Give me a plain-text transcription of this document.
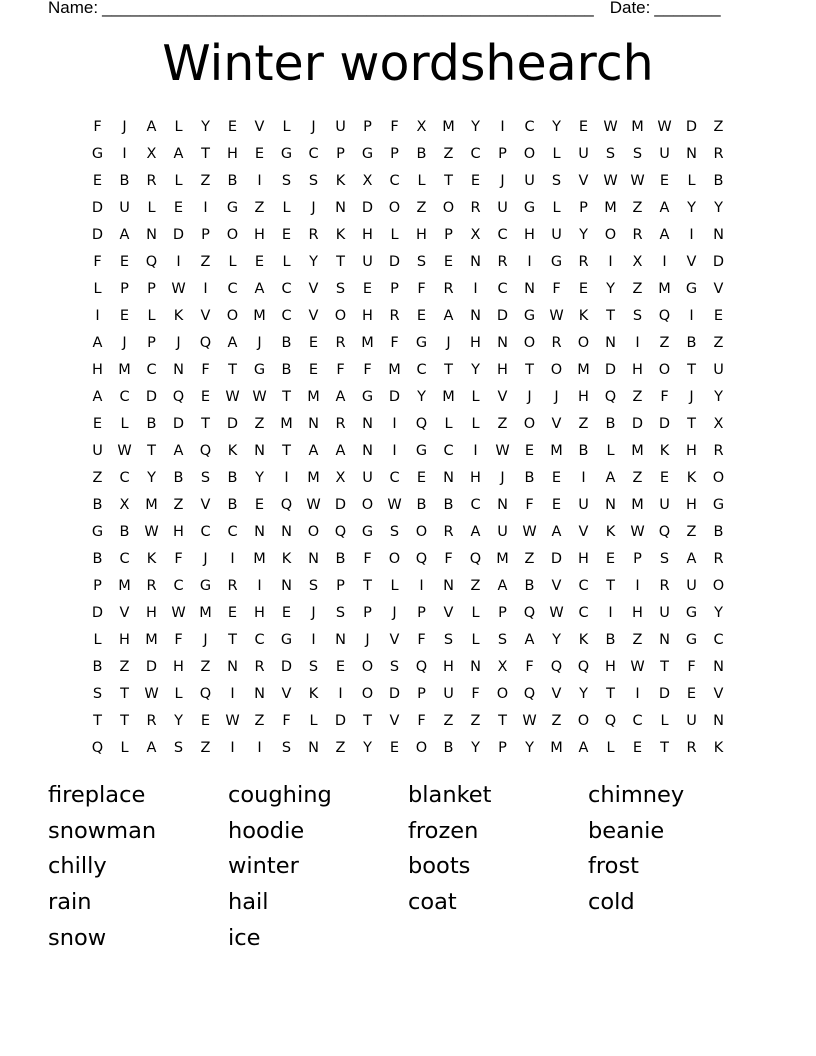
Name: ____________________________________________________ Date: _______
Winter wordshearch
F	J	A	L	Y	E	V	L	J	U	P	F	X	M	Y	I	C	Y	E	W M W D	Z
G	I	X	A	T	H	E	G	C	P	G	P	B	Z	C	P	O	L	U	S	S	U	N	R
E	B	R	L	Z	B	I	S	S	K	X	C	L	T	E	J	U	S	V	W W	E	L	B
D	U	L	E	I	G	Z	L	J	N	D	O	Z	O	R	U	G	L	P	M	Z	A	Y	Y
D	A	N	D	P	O	H	E	R	K	H	L	H	P	X	C	H	U	Y	O	R	A	I	N
F	E	Q	I	Z	L	E	L	Y	T	U	D	S	E	N	R	I	G	R	I	X	I	V	D
L	P	P	W	I	C	A	C	V	S	E	P	F	R	I	C	N	F	E	Y	Z	M	G	V
I	E	L	K	V	O	M	C	V	O	H	R	E	A	N	D	G W	K	T	S	Q	I	E
A	J	P	J	Q	A	J	B	E	R	M	F	G	J	H	N	O	R	O	N	I	Z	B	Z
H	M	C	N	F	T	G	B	E	F	F	M	C	T	Y	H	T	O	M	D	H	O	T	U
A	C	D	Q	E	W W	T	M	A	G	D	Y	M	L	V	J	J	H	Q	Z	F	J	Y
E	L	B	D	T	D	Z	M	N	R	N	I	Q	L	L	Z	O	V	Z	B	D	D	T	X
U	W	T	A	Q	K	N	T	A	A	N	I	G	C	I	W	E	M	B	L	M	K	H	R
Z	C	Y	B	S	B	Y	I	M	X	U	C	E	N	H	J	B	E	I	A	Z	E	K	O
B	X	M	Z	V	B	E	Q W D	O W	B	B	C	N	F	E	U	N	M	U	H	G
G	B	W H	C	C	N	N	O	Q	G	S	O	R	A	U	W	A	V	K	W Q	Z	B
B	C	K	F	J	I	M	K	N	B	F	O	Q	F	Q	M	Z	D	H	E	P	S	A	R
P	M	R	C	G	R	I	N	S	P	T	L	I	N	Z	A	B	V	C	T	I	R	U	O
D	V	H W M	E	H	E	J	S	P	J	P	V	L	P	Q W	C	I	H	U	G	Y
L	H	M	F	J	T	C	G	I	N	J	V	F	S	L	S	A	Y	K	B	Z	N	G	C
B	Z	D	H	Z	N	R	D	S	E	O	S	Q	H	N	X	F	Q	Q	H W	T	F	N
S	T	W	L	Q	I	N	V	K	I	O	D	P	U	F	O	Q	V	Y	T	I	D	E	V
T	T	R	Y	E	W	Z	F	L	D	T	V	F	Z	Z	T	W	Z	O	Q	C	L	U	N
Q	L	A	S	Z	I	I	S	N	Z	Y	E	O	B	Y	P	Y	M	A	L	E	T	R	K
fireplace	coughing	blanket	chimney
snowman	hoodie	frozen	beanie
chilly	winter	boots	frost
rain	hail	coat	cold
snow	ice
